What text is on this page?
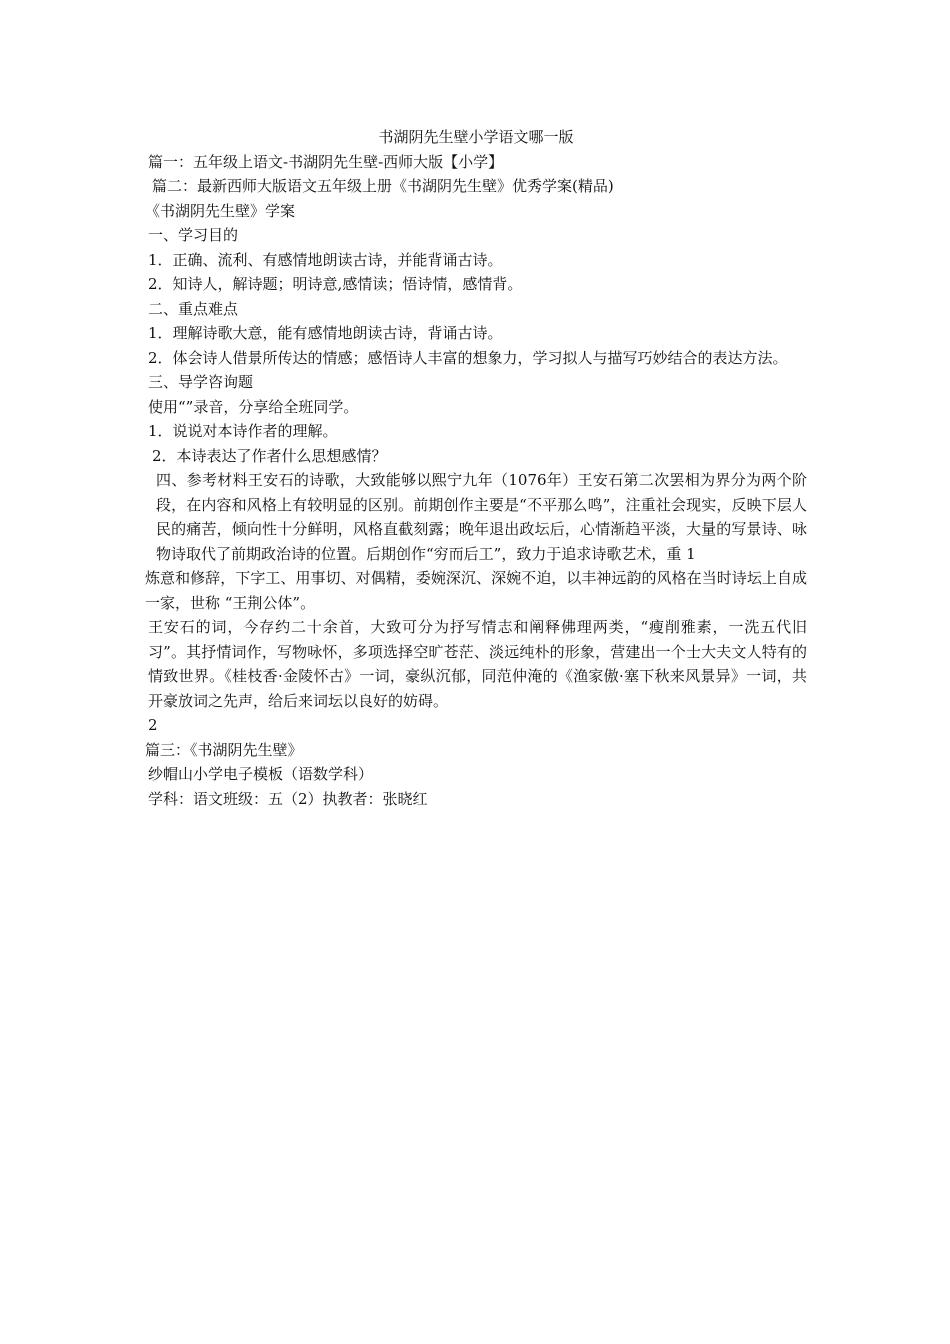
书湖阴先生壁小学语文哪一版

篇一：五年级上语文-书湖阴先生壁-西师大版【小学】

篇二：最新西师大版语文五年级上册《书湖阴先生壁》优秀学案(精品)

《书湖阴先生壁》学案

一、学习目的

1．正确、流利、有感情地朗读古诗，并能背诵古诗。

2．知诗人，解诗题；明诗意,感情读；悟诗情，感情背。

二、重点难点

1．理解诗歌大意，能有感情地朗读古诗，背诵古诗。

2．体会诗人借景所传达的情感；感悟诗人丰富的想象力，学习拟人与描写巧妙结合的表达方法。

三、导学咨询题

使用“”录音，分享给全班同学。

1．说说对本诗作者的理解。

2．本诗表达了作者什么思想感情？

四、参考材料王安石的诗歌，大致能够以熙宁九年（1076年）王安石第二次罢相为界分为两个阶段，在内容和风格上有较明显的区别。前期创作主要是“不平那么鸣”，注重社会现实，反映下层人民的痛苦，倾向性十分鲜明，风格直截刻露；晚年退出政坛后，心情渐趋平淡，大量的写景诗、咏物诗取代了前期政治诗的位置。后期创作“穷而后工”，致力于追求诗歌艺术，重 1

炼意和修辞，下字工、用事切、对偶精，委婉深沉、深婉不迫，以丰神远韵的风格在当时诗坛上自成一家，世称 “王荆公体”。

王安石的词，今存约二十余首，大致可分为抒写情志和阐释佛理两类，“瘦削雅素，一洗五代旧习”。其抒情词作，写物咏怀，多项选择空旷苍茫、淡远纯朴的形象，营建出一个士大夫文人特有的情致世界。《桂枝香·金陵怀古》一词，豪纵沉郁，同范仲淹的《渔家傲·塞下秋来风景异》一词，共开豪放词之先声，给后来词坛以良好的妨碍。

2

篇三：《书湖阴先生壁》

纱帽山小学电子模板（语数学科）

学科：语文班级：五（2）执教者：张晓红
